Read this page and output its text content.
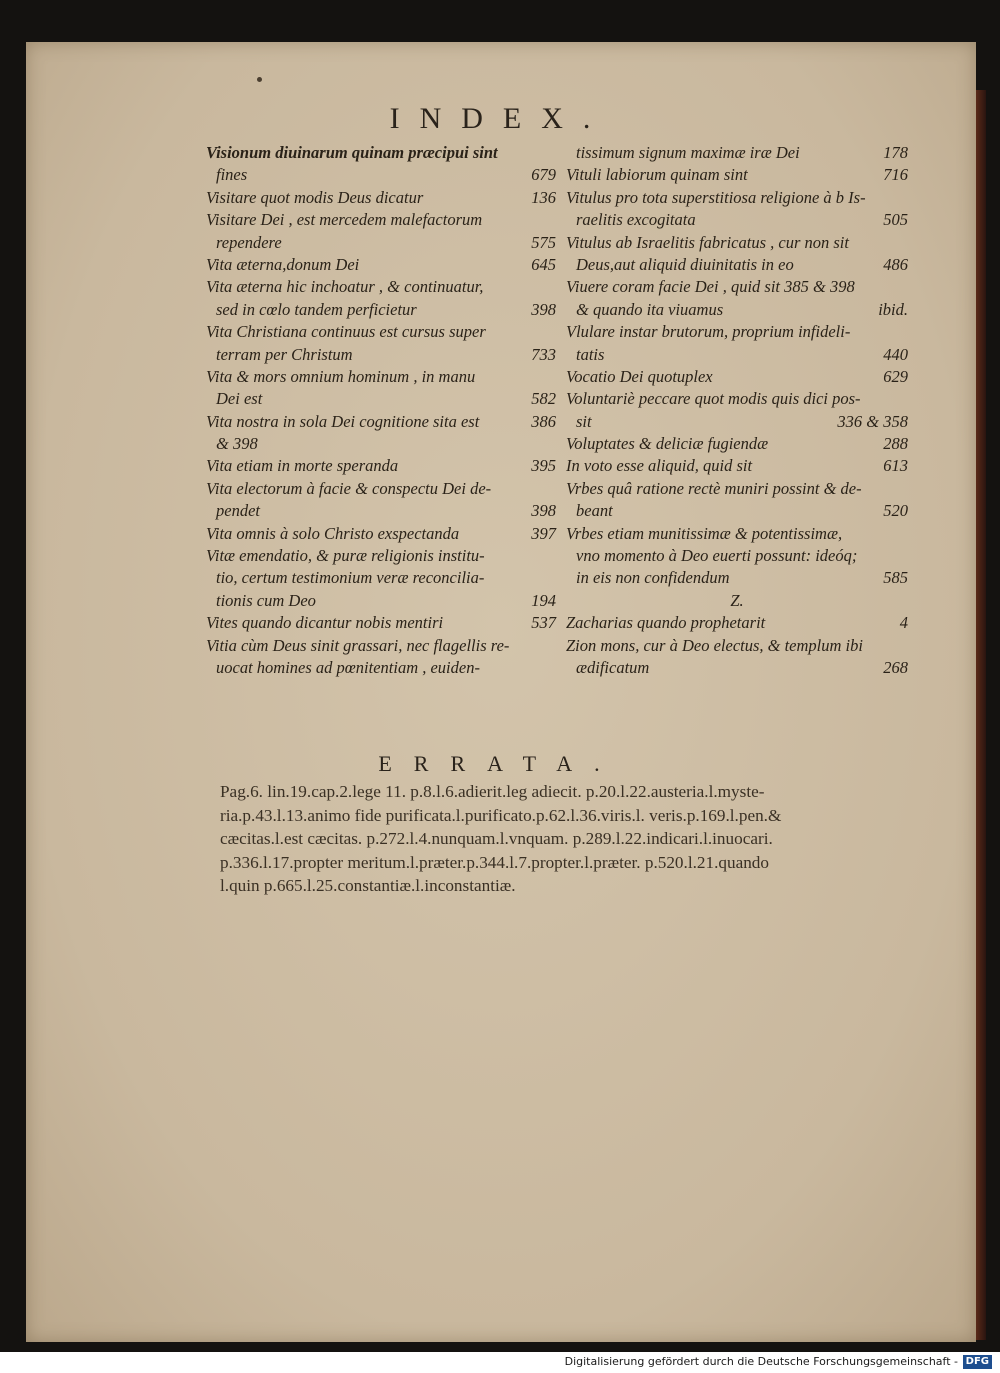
INDEX.
Visionum diuinarum quinam præcipui sint
fines	679
Visitare quot modis Deus dicatur	136
Visitare Dei , est mercedem malefactorum
rependere	575
Vita æterna,donum Dei	645
Vita æterna hic inchoatur , & continuatur,
sed in cœlo tandem perficietur	398
Vita Christiana continuus est cursus super
terram per Christum	733
Vita & mors omnium hominum , in manu
Dei est	582
Vita nostra in sola Dei cognitione sita est	386
& 398
Vita etiam in morte speranda	395
Vita electorum à facie & conspectu Dei de-
pendet	398
Vita omnis à solo Christo exspectanda	397
Vitæ emendatio, & puræ religionis institu-
tio, certum testimonium veræ reconcilia-
tionis cum Deo	194
Vites quando dicantur nobis mentiri	537
Vitia cùm Deus sinit grassari, nec flagellis re-
uocat homines ad pœnitentiam , euiden-
tissimum signum maximæ iræ Dei	178
Vituli labiorum quinam sint	716
Vitulus pro tota superstitiosa religione à b Is-
raelitis excogitata	505
Vitulus ab Israelitis fabricatus , cur non sit
Deus,aut aliquid diuinitatis in eo	486
Viuere coram facie Dei , quid sit 385 & 398
& quando ita viuamus	ibid.
Vlulare instar brutorum, proprium infideli-
tatis	440
Vocatio Dei quotuplex	629
Voluntariè peccare quot modis quis dici pos-
sit	336 & 358
Voluptates & deliciæ fugiendæ	288
In voto esse aliquid, quid sit	613
Vrbes quâ ratione rectè muniri possint & de-
beant	520
Vrbes etiam munitissimæ & potentissimæ,
vno momento à Deo euerti possunt: ideóq;
in eis non confidendum	585
Z.
Zacharias quando prophetarit	4
Zion mons, cur à Deo electus, & templum ibi
ædificatum	268
ERRATA.
Pag.6. lin.19.cap.2.lege 11. p.8.l.6.adierit.leg adiecit. p.20.l.22.austeria.l.myste-
ria.p.43.l.13.animo fide purificata.l.purificato.p.62.l.36.viris.l. veris.p.169.l.pen.&
cæcitas.l.est cæcitas. p.272.l.4.nunquam.l.vnquam. p.289.l.22.indicari.l.inuocari.
p.336.l.17.propter meritum.l.præter.p.344.l.7.propter.l.præter. p.520.l.21.quando
l.quin p.665.l.25.constantiæ.l.inconstantiæ.
Digitalisierung gefördert durch die Deutsche Forschungsgemeinschaft - DFG
